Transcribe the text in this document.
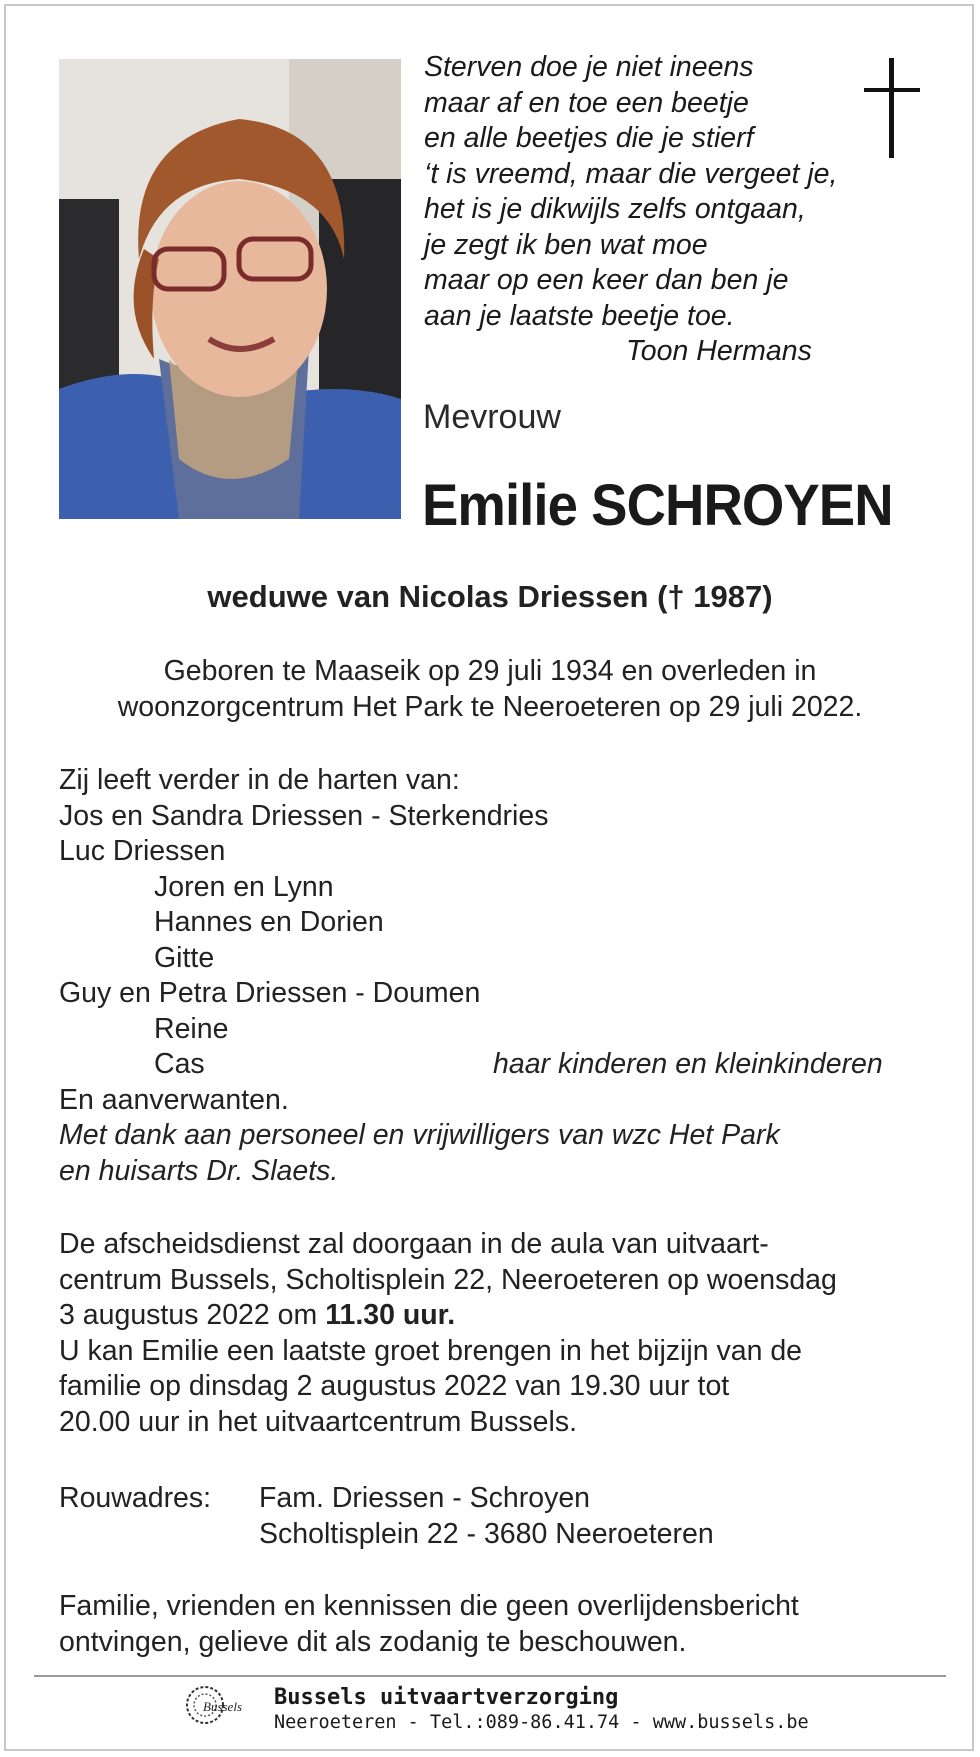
Sterven doe je niet ineens
maar af en toe een beetje
en alle beetjes die je stierf
‘t is vreemd, maar die vergeet je,
het is je dikwijls zelfs ontgaan,
je zegt ik ben wat moe
maar op een keer dan ben je
aan je laatste beetje toe.
Toon Hermans
Mevrouw
Emilie SCHROYEN
weduwe van Nicolas Driessen († 1987)
Geboren te Maaseik op 29 juli 1934 en overleden in
woonzorgcentrum Het Park te Neeroeteren op 29 juli 2022.
Zij leeft verder in de harten van:
Jos en Sandra Driessen - Sterkendries
Luc Driessen
Joren en Lynn
Hannes en Dorien
Gitte
Guy en Petra Driessen - Doumen
Reine
Cas	haar kinderen en kleinkinderen
En aanverwanten.
Met dank aan personeel en vrijwilligers van wzc Het Park
en huisarts Dr. Slaets.
De afscheidsdienst zal doorgaan in de aula van uitvaart-
centrum Bussels, Scholtisplein 22, Neeroeteren op woensdag
3 augustus 2022 om 11.30 uur.
U kan Emilie een laatste groet brengen in het bijzijn van de
familie op dinsdag 2 augustus 2022 van 19.30 uur tot
20.00 uur in het uitvaartcentrum Bussels.
Rouwadres: Fam. Driessen - Schroyen
Scholtisplein 22 - 3680 Neeroeteren
Familie, vrienden en kennissen die geen overlijdensbericht
ontvingen, gelieve dit als zodanig te beschouwen.
Bussels Bussels uitvaartverzorging
Neeroeteren - Tel.:089-86.41.74 - www.bussels.be
